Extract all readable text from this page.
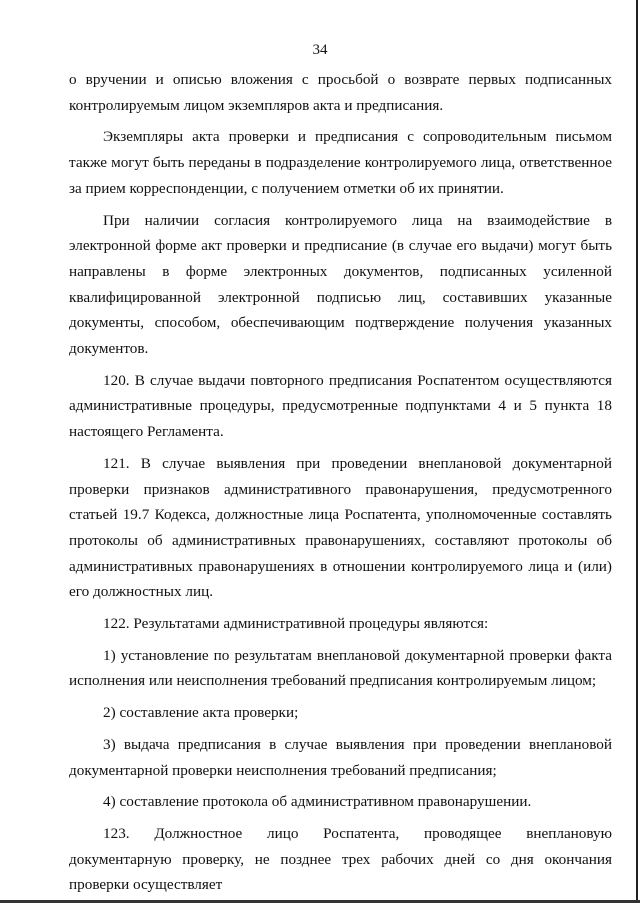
34

о вручении и описью вложения с просьбой о возврате первых подписанных контролируемым лицом экземпляров акта и предписания.

Экземпляры акта проверки и предписания с сопроводительным письмом также могут быть переданы в подразделение контролируемого лица, ответственное за прием корреспонденции, с получением отметки об их принятии.

При наличии согласия контролируемого лица на взаимодействие в электронной форме акт проверки и предписание (в случае его выдачи) могут быть направлены в форме электронных документов, подписанных усиленной квалифицированной электронной подписью лиц, составивших указанные документы, способом, обеспечивающим подтверждение получения указанных документов.

120. В случае выдачи повторного предписания Роспатентом осуществляются административные процедуры, предусмотренные подпунктами 4 и 5 пункта 18 настоящего Регламента.

121. В случае выявления при проведении внеплановой документарной проверки признаков административного правонарушения, предусмотренного статьей 19.7 Кодекса, должностные лица Роспатента, уполномоченные составлять протоколы об административных правонарушениях, составляют протоколы об административных правонарушениях в отношении контролируемого лица и (или) его должностных лиц.

122. Результатами административной процедуры являются:

1) установление по результатам внеплановой документарной проверки факта исполнения или неисполнения требований предписания контролируемым лицом;

2) составление акта проверки;

3) выдача предписания в случае выявления при проведении внеплановой документарной проверки неисполнения требований предписания;

4) составление протокола об административном правонарушении.

123. Должностное лицо Роспатента, проводящее внеплановую документарную проверку, не позднее трех рабочих дней со дня окончания проверки осуществляет
